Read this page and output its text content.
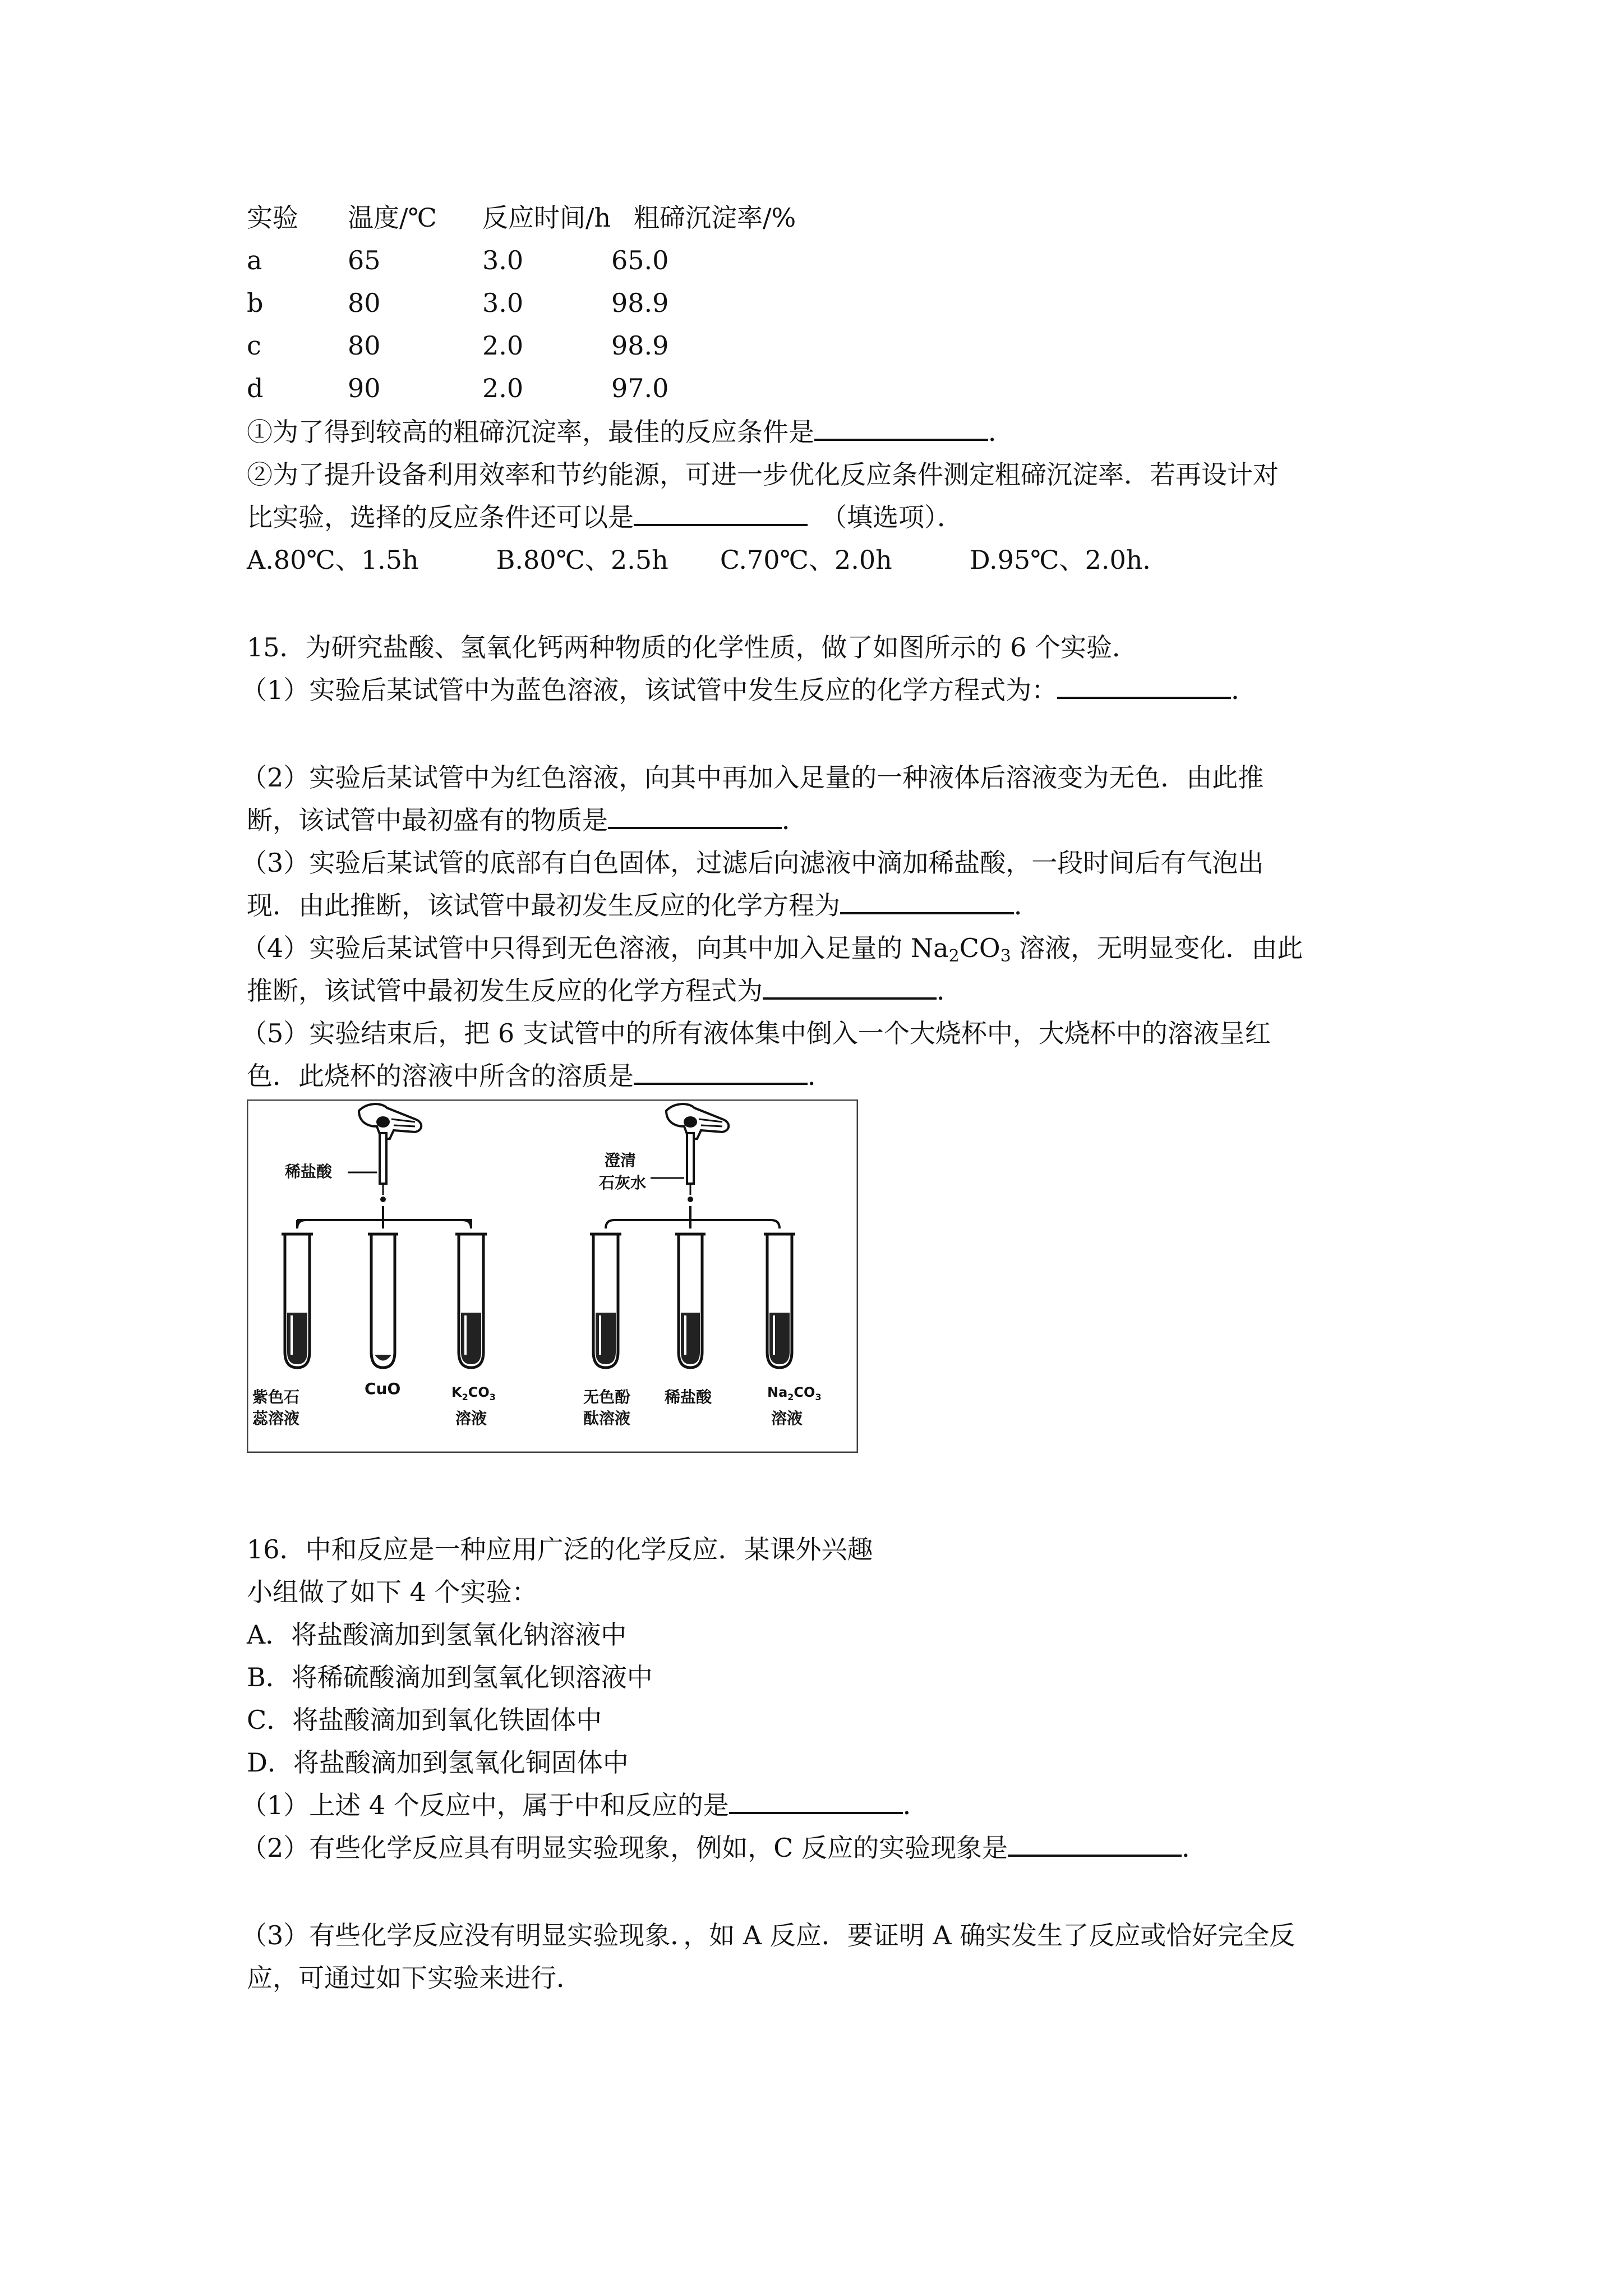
实验 温度/℃ 反应时间/h 粗碲沉淀率/%
a	65	3.0	65.0
b	80	3.0	98.9
c	80	2.0	98.9
d	90	2.0	97.0
①为了得到较高的粗碲沉淀率，最佳的反应条件是	．
②为了提升设备利用效率和节约能源，可进一步优化反应条件测定粗碲沉淀率．若再设计对
比实验，选择的反应条件还可以是	（填选项）．
A.80℃、1.5h　　　B.80℃、2.5h　　C.70℃、2.0h　　　D.95℃、2.0h．
15．为研究盐酸、氢氧化钙两种物质的化学性质，做了如图所示的 6 个实验．
（1）实验后某试管中为蓝色溶液，该试管中发生反应的化学方程式为：	．
（2）实验后某试管中为红色溶液，向其中再加入足量的一种液体后溶液变为无色．由此推
断，该试管中最初盛有的物质是	．
（3）实验后某试管的底部有白色固体，过滤后向滤液中滴加稀盐酸，一段时间后有气泡出
现．由此推断，该试管中最初发生反应的化学方程为	．
（4）实验后某试管中只得到无色溶液，向其中加入足量的 $Na_2CO_3$ 溶液，无明显变化．由此
推断，该试管中最初发生反应的化学方程式为	．
（5）实验结束后，把 6 支试管中的所有液体集中倒入一个大烧杯中，大烧杯中的溶液呈红
色．此烧杯的溶液中所含的溶质是	．
稀盐酸
紫色石
蕊溶液
CuO	$K_2CO_3$
溶液
澄清
石灰水
无色酚
酞溶液
稀盐酸	$Na_2CO_3$
溶液
16．中和反应是一种应用广泛的化学反应．某课外兴趣
小组做了如下 4 个实验：
A．将盐酸滴加到氢氧化钠溶液中
B．将稀硫酸滴加到氢氧化钡溶液中
C．将盐酸滴加到氧化铁固体中
D．将盐酸滴加到氢氧化铜固体中
（1）上述 4 个反应中，属于中和反应的是	．
（2）有些化学反应具有明显实验现象，例如，C 反应的实验现象是	．
（3）有些化学反应没有明显实验现象．，如 A 反应．要证明 A 确实发生了反应或恰好完全反
应，可通过如下实验来进行．
